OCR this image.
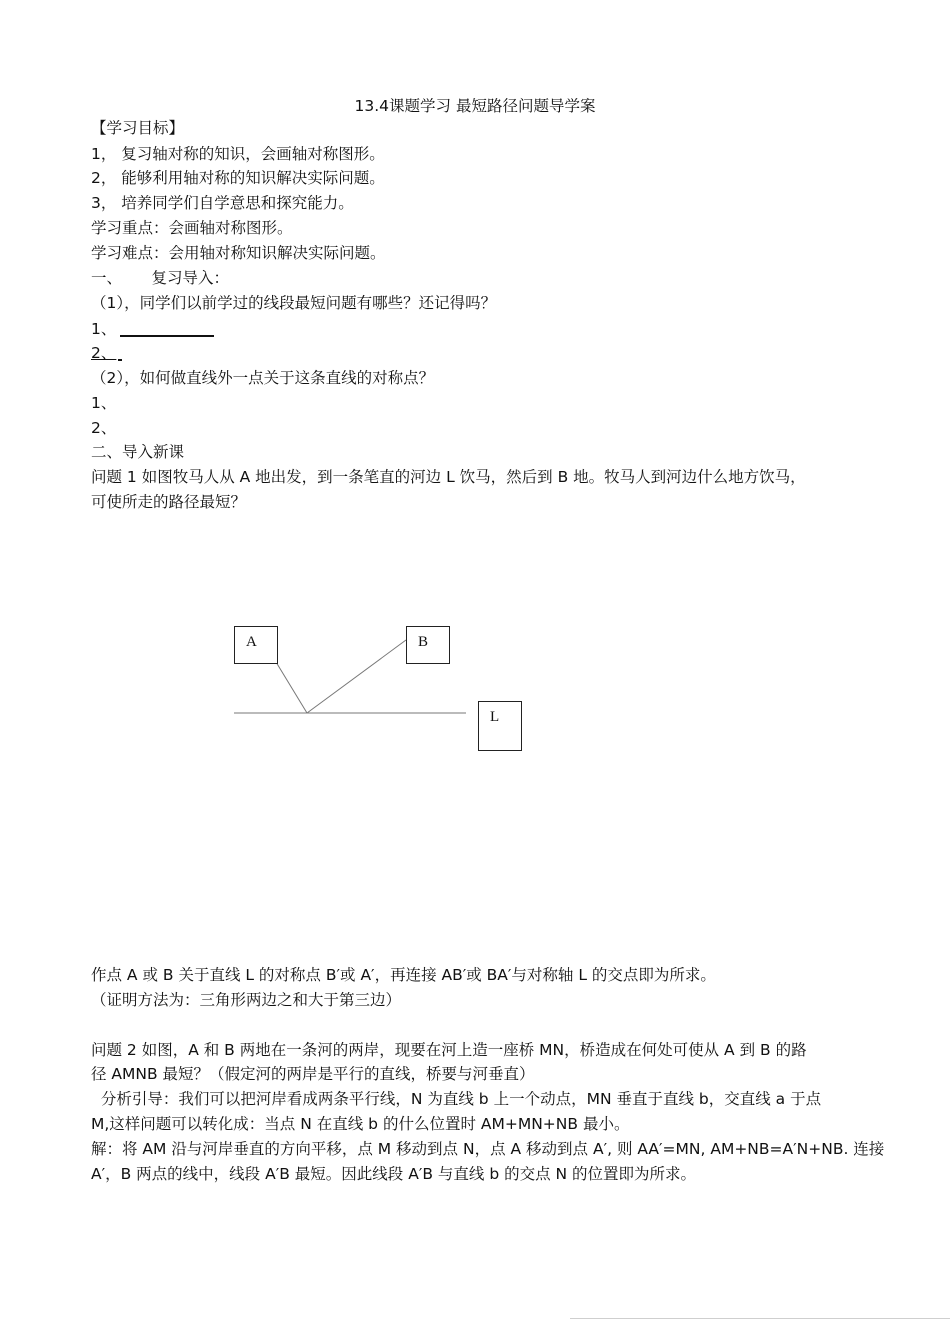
13.4课题学习 最短路径问题导学案
【学习目标】
1， 复习轴对称的知识，会画轴对称图形。
2， 能够利用轴对称的知识解决实际问题。
3， 培养同学们自学意思和探究能力。
学习重点：会画轴对称图形。
学习难点：会用轴对称知识解决实际问题。
一、      复习导入：
（1），同学们以前学过的线段最短问题有哪些？还记得吗？
1、
2、
（2），如何做直线外一点关于这条直线的对称点？
1、
2、
二、导入新课
问题 1 如图牧马人从 A 地出发，到一条笔直的河边 L 饮马，然后到 B 地。牧马人到河边什么地方饮马，
可使所走的路径最短？
A	B
L
作点 A 或 B 关于直线 L 的对称点 B′或 A′，再连接 AB′或 BA′与对称轴 L 的交点即为所求。
（证明方法为：三角形两边之和大于第三边）
问题 2 如图，A 和 B 两地在一条河的两岸，现要在河上造一座桥 MN，桥造成在何处可使从 A 到 B 的路
径 AMNB 最短？（假定河的两岸是平行的直线，桥要与河垂直）
分析引导：我们可以把河岸看成两条平行线，N 为直线 b 上一个动点，MN 垂直于直线 b，交直线 a 于点
M,这样问题可以转化成：当点 N 在直线 b 的什么位置时 AM+MN+NB 最小。
解：将 AM 沿与河岸垂直的方向平移，点 M 移动到点 N，点 A 移动到点 A′, 则 AA′=MN, AM+NB=A′N+NB. 连接
A′，B 两点的线中，线段 A′B 最短。因此线段 A′B 与直线 b 的交点 N 的位置即为所求。
